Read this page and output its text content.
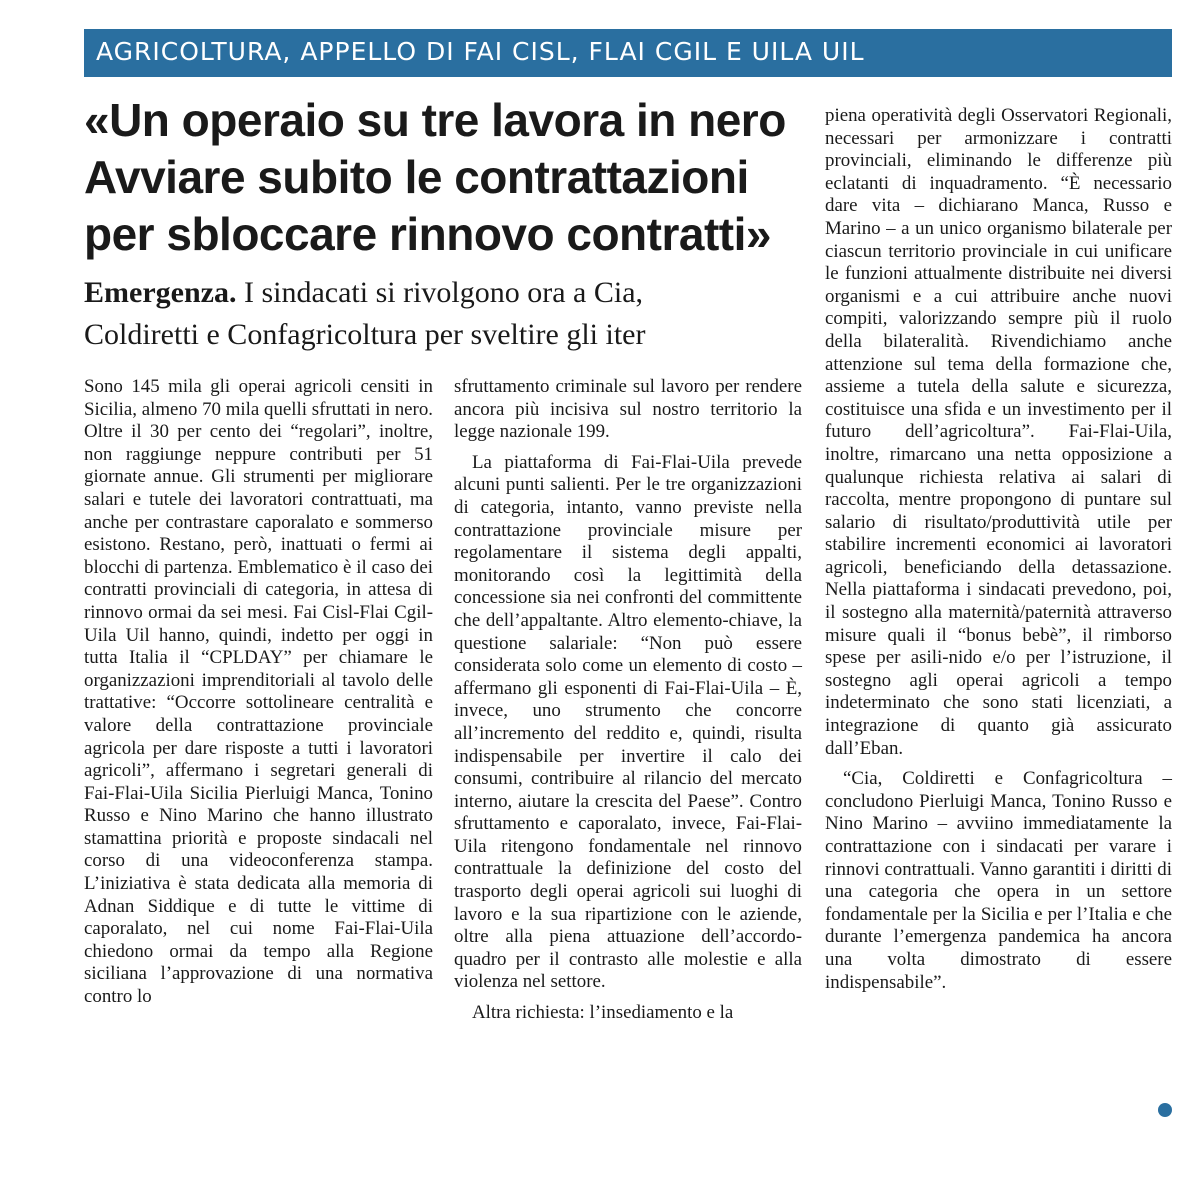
AGRICOLTURA, APPELLO DI FAI CISL, FLAI CGIL E UILA UIL
«Un operaio su tre lavora in nero
Avviare subito le contrattazioni
per sbloccare rinnovo contratti»
Emergenza. I sindacati si rivolgono ora a Cia,
Coldiretti e Confagricoltura per sveltire gli iter

Sono 145 mila gli operai agricoli censiti in Sicilia, almeno 70 mila quelli sfruttati in nero. Oltre il 30 per cento dei “regolari”, inoltre, non raggiunge neppure contributi per 51 giornate annue. Gli strumenti per migliorare salari e tutele dei lavoratori contrattuati, ma anche per contrastare caporalato e sommerso esistono. Restano, però, inattuati o fermi ai blocchi di partenza. Emblematico è il caso dei contratti provinciali di categoria, in attesa di rinnovo ormai da sei mesi. Fai Cisl-Flai Cgil-Uila Uil hanno, quindi, indetto per oggi in tutta Italia il “CPLDAY” per chiamare le organizzazioni imprenditoriali al tavolo delle trattative: “Occorre sottolineare centralità e valore della contrattazione provinciale agricola per dare risposte a tutti i lavoratori agricoli”, affermano i segretari generali di Fai-Flai-Uila Sicilia Pierluigi Manca, Tonino Russo e Nino Marino che hanno illustrato stamattina priorità e proposte sindacali nel corso di una videoconferenza stampa. L’iniziativa è stata dedicata alla memoria di Adnan Siddique e di tutte le vittime di caporalato, nel cui nome Fai-Flai-Uila chiedono ormai da tempo alla Regione siciliana l’approvazione di una normativa contro lo

sfruttamento criminale sul lavoro per rendere ancora più incisiva sul nostro territorio la legge nazionale 199.

La piattaforma di Fai-Flai-Uila prevede alcuni punti salienti. Per le tre organizzazioni di categoria, intanto, vanno previste nella contrattazione provinciale misure per regolamentare il sistema degli appalti, monitorando così la legittimità della concessione sia nei confronti del committente che dell’appaltante. Altro elemento-chiave, la questione salariale: “Non può essere considerata solo come un elemento di costo – affermano gli esponenti di Fai-Flai-Uila – È, invece, uno strumento che concorre all’incremento del reddito e, quindi, risulta indispensabile per invertire il calo dei consumi, contribuire al rilancio del mercato interno, aiutare la crescita del Paese”. Contro sfruttamento e caporalato, invece, Fai-Flai-Uila ritengono fondamentale nel rinnovo contrattuale la definizione del costo del trasporto degli operai agricoli sui luoghi di lavoro e la sua ripartizione con le aziende, oltre alla piena attuazione dell’accordo-quadro per il contrasto alle molestie e alla violenza nel settore.

Altra richiesta: l’insediamento e la

piena operatività degli Osservatori Regionali, necessari per armonizzare i contratti provinciali, eliminando le differenze più eclatanti di inquadramento. “È necessario dare vita – dichiarano Manca, Russo e Marino – a un unico organismo bilaterale per ciascun territorio provinciale in cui unificare le funzioni attualmente distribuite nei diversi organismi e a cui attribuire anche nuovi compiti, valorizzando sempre più il ruolo della bilateralità. Rivendichiamo anche attenzione sul tema della formazione che, assieme a tutela della salute e sicurezza, costituisce una sfida e un investimento per il futuro dell’agricoltura”. Fai-Flai-Uila, inoltre, rimarcano una netta opposizione a qualunque richiesta relativa ai salari di raccolta, mentre propongono di puntare sul salario di risultato/produttività utile per stabilire incrementi economici ai lavoratori agricoli, beneficiando della detassazione. Nella piattaforma i sindacati prevedono, poi, il sostegno alla maternità/paternità attraverso misure quali il “bonus bebè”, il rimborso spese per asili-nido e/o per l’istruzione, il sostegno agli operai agricoli a tempo indeterminato che sono stati licenziati, a integrazione di quanto già assicurato dall’Eban.

“Cia, Coldiretti e Confagricoltura – concludono Pierluigi Manca, Tonino Russo e Nino Marino – avviino immediatamente la contrattazione con i sindacati per varare i rinnovi contrattuali. Vanno garantiti i diritti di una categoria che opera in un settore fondamentale per la Sicilia e per l’Italia e che durante l’emergenza pandemica ha ancora una volta dimostrato di essere indispensabile”.
